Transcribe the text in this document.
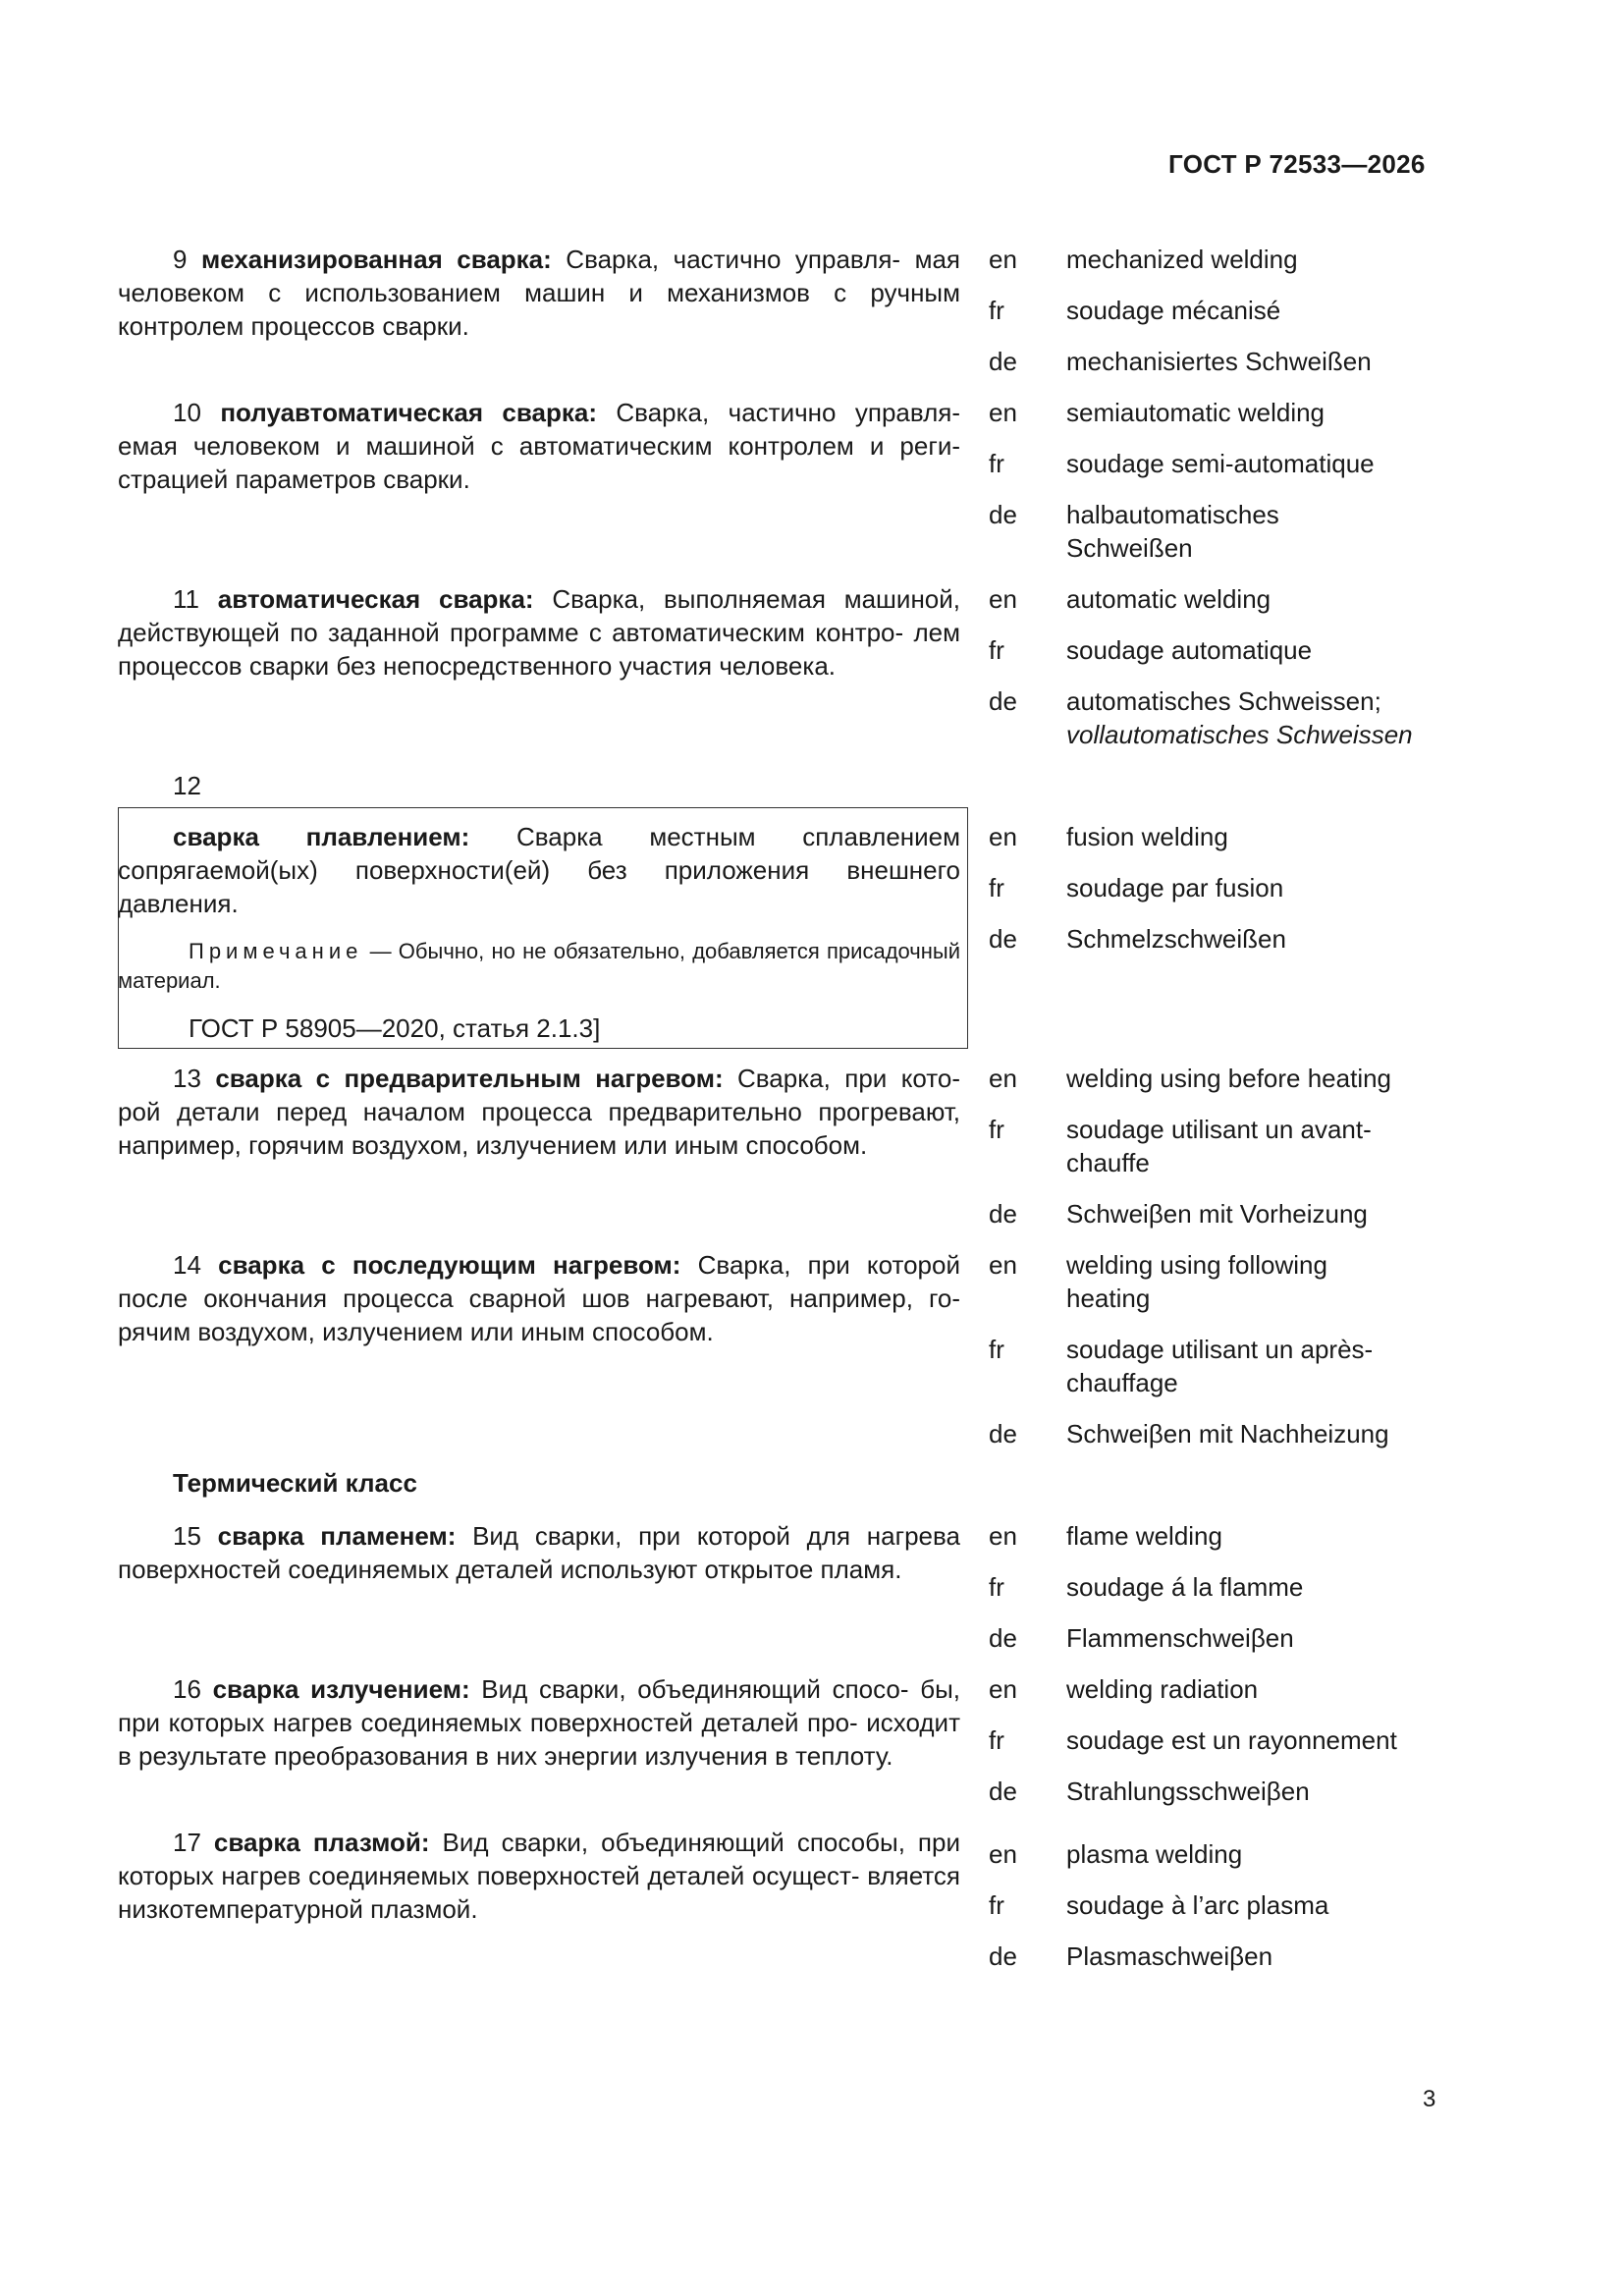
ГОСТ Р 72533—2026
9 механизированная сварка: Сварка, частично управля- мая человеком с использованием машин и механизмов с ручным контролем процессов сварки.
en mechanized welding
fr soudage mécanisé
de mechanisiertes Schweißen
10 полуавтоматическая сварка: Сварка, частично управля- емая человеком и машиной с автоматическим контролем и реги- страцией параметров сварки.
en semiautomatic welding
fr soudage semi-automatique
de halbautomatisches
Schweißen
11 автоматическая сварка: Сварка, выполняемая машиной, действующей по заданной программе с автоматическим контро- лем процессов сварки без непосредственного участия человека.
en automatic welding
fr soudage automatique
de automatisches Schweissen;
vollautomatisches Schweissen
12
сварка плавлением: Сварка местным сплавлением сопрягаемой(ых) поверхности(ей) без приложения внешнего давления.
Примечание — Обычно, но не обязательно, добавляется присадочный материал.
ГОСТ Р 58905—2020, статья 2.1.3]
en fusion welding
fr soudage par fusion
de Schmelzschweißen
13 сварка с предварительным нагревом: Сварка, при кото- рой детали перед началом процесса предварительно прогревают, например, горячим воздухом, излучением или иным способом.
en welding using before heating
fr soudage utilisant un avant-
chauffe
de Schweiβen mit Vorheizung
14 сварка с последующим нагревом: Сварка, при которой после окончания процесса сварной шов нагревают, например, го- рячим воздухом, излучением или иным способом.
en welding using following
heating
fr soudage utilisant un après-
chauffage
de Schweiβen mit Nachheizung
Термический класс
15 сварка пламенем: Вид сварки, при которой для нагрева поверхностей соединяемых деталей используют открытое пламя.
en flame welding
fr soudage á la flamme
de Flammenschweiβen
16 сварка излучением: Вид сварки, объединяющий спосо- бы, при которых нагрев соединяемых поверхностей деталей про- исходит в результате преобразования в них энергии излучения в теплоту.
en welding radiation
fr soudage est un rayonnement
de Strahlungsschweiβen
17 сварка плазмой: Вид сварки, объединяющий способы, при которых нагрев соединяемых поверхностей деталей осущест- вляется низкотемпературной плазмой.
en plasma welding
fr soudage à l’arc plasma
de Plasmaschweiβen
3
